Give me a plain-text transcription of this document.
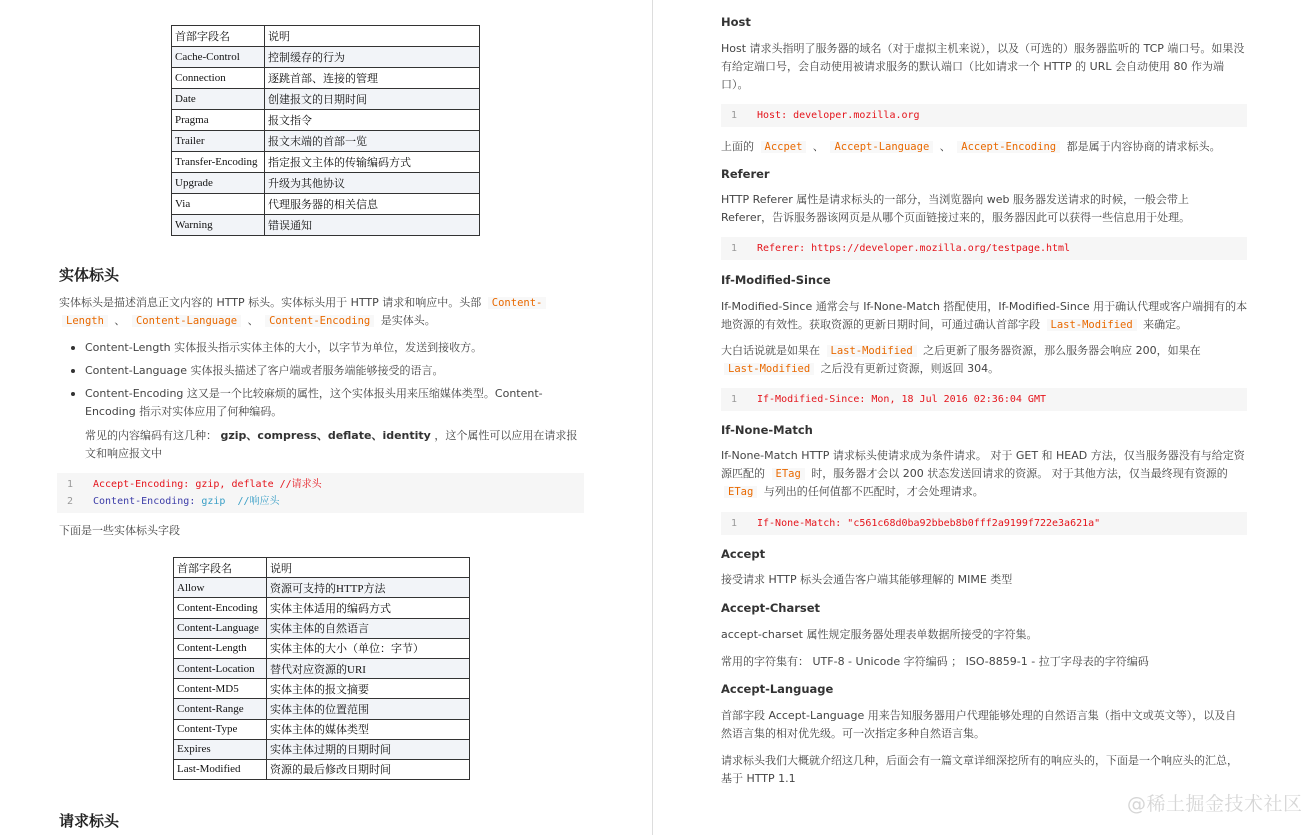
首部字段名	说明
Cache-Control	控制缓存的行为
Connection	逐跳首部、连接的管理
Date	创建报文的日期时间
Pragma	报文指令
Trailer	报文末端的首部一览
Transfer-Encoding	指定报文主体的传输编码方式
Upgrade	升级为其他协议
Via	代理服务器的相关信息
Warning	错误通知
实体标头
实体标头是描述消息正文内容的 HTTP 标头。实体标头用于 HTTP 请求和响应中。头部 Content-
Length 、 Content-Language 、 Content-Encoding 是实体头。
Content-Length 实体报头指示实体主体的大小，以字节为单位，发送到接收方。
Content-Language 实体报头描述了客户端或者服务端能够接受的语言。
Content-Encoding 这又是一个比较麻烦的属性，这个实体报头用来压缩媒体类型。Content-Encoding 指示对实体应用了何种编码。
常见的内容编码有这几种： gzip、compress、deflate、identity ，这个属性可以应用在请求报文和响应报文中
1	Accept-Encoding: gzip, deflate //请求头
2	Content-Encoding: gzip  //响应头
下面是一些实体标头字段
首部字段名	说明
Allow	资源可支持的HTTP方法
Content-Encoding	实体主体适用的编码方式
Content-Language	实体主体的自然语言
Content-Length	实体主体的大小（单位：字节）
Content-Location	替代对应资源的URI
Content-MD5	实体主体的报文摘要
Content-Range	实体主体的位置范围
Content-Type	实体主体的媒体类型
Expires	实体主体过期的日期时间
Last-Modified	资源的最后修改日期时间
请求标头
Host
Host 请求头指明了服务器的域名（对于虚拟主机来说），以及（可选的）服务器监听的 TCP 端口号。如果没有给定端口号，会自动使用被请求服务的默认端口（比如请求一个 HTTP 的 URL 会自动使用 80 作为端口）。
1	Host: developer.mozilla.org
上面的 Accpet 、 Accept-Language 、 Accept-Encoding 都是属于内容协商的请求标头。
Referer
HTTP Referer 属性是请求标头的一部分，当浏览器向 web 服务器发送请求的时候，一般会带上
Referer，告诉服务器该网页是从哪个页面链接过来的，服务器因此可以获得一些信息用于处理。
1	Referer: https://developer.mozilla.org/testpage.html
If-Modified-Since
If-Modified-Since 通常会与 If-None-Match 搭配使用，If-Modified-Since 用于确认代理或客户端拥有的本地资源的有效性。获取资源的更新日期时间，可通过确认首部字段 Last-Modified 来确定。
大白话说就是如果在 Last-Modified 之后更新了服务器资源，那么服务器会响应 200，如果在
Last-Modified 之后没有更新过资源，则返回 304。
1	If-Modified-Since: Mon, 18 Jul 2016 02:36:04 GMT
If-None-Match
If-None-Match HTTP 请求标头使请求成为条件请求。 对于 GET 和 HEAD 方法，仅当服务器没有与给定资源匹配的 ETag 时，服务器才会以 200 状态发送回请求的资源。 对于其他方法，仅当最终现有资源的 ETag 与列出的任何值都不匹配时，才会处理请求。
1	If-None-Match: "c561c68d0ba92bbeb8b0fff2a9199f722e3a621a"
Accept
接受请求 HTTP 标头会通告客户端其能够理解的 MIME 类型
Accept-Charset
accept-charset 属性规定服务器处理表单数据所接受的字符集。
常用的字符集有： UTF-8 - Unicode 字符编码 ； ISO-8859-1 - 拉丁字母表的字符编码
Accept-Language
首部字段 Accept-Language 用来告知服务器用户代理能够处理的自然语言集（指中文或英文等），以及自然语言集的相对优先级。可一次指定多种自然语言集。
请求标头我们大概就介绍这几种，后面会有一篇文章详细深挖所有的响应头的，下面是一个响应头的汇总，基于 HTTP 1.1
@稀土掘金技术社区
